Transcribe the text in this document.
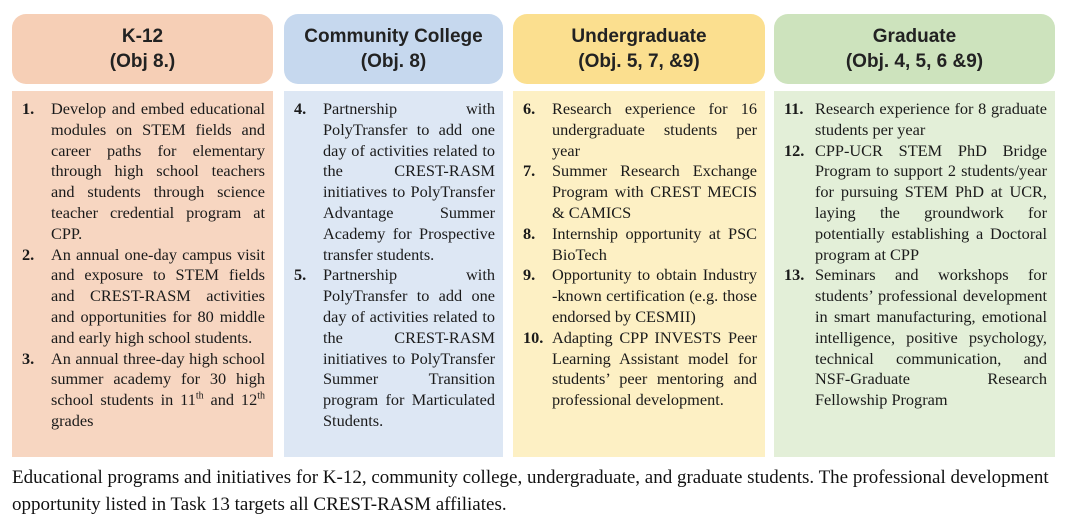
K-12
(Obj 8.)
Community College
(Obj. 8)
Undergraduate
(Obj. 5, 7, &9)
Graduate
(Obj. 4, 5, 6 &9)
1.	Develop and embed educational modules on STEM fields and career paths for elementary through high school teachers and students through science teacher credential program at CPP.
2.	An annual one-day campus visit and exposure to STEM fields and CREST-RASM activities and opportunities for 80 middle and early high school students.
3.	An annual three-day high school summer academy for 30 high school students in 11th and 12th grades
4.	Partnership with PolyTransfer to add one day of activities related to the CREST-RASM initiatives to PolyTransfer Advantage Summer Academy for Prospective transfer students.
5.	Partnership with PolyTransfer to add one day of activities related to the CREST-RASM initiatives to PolyTransfer Summer Transition program for Marticulated Students.
6.	Research experience for 16 undergraduate students per year
7.	Summer Research Exchange Program with CREST MECIS & CAMICS
8.	Internship opportunity at PSC BioTech
9.	Opportunity to obtain Industry -known certification (e.g. those endorsed by CESMII)
10. Adapting CPP INVESTS Peer Learning Assistant model for students’ peer mentoring and professional development.
11. Research experience for 8 graduate students per year
12. CPP-UCR STEM PhD Bridge Program to support 2 students/year for pursuing STEM PhD at UCR, laying the groundwork for potentially establishing a Doctoral program at CPP
13. Seminars and workshops for students’ professional development in smart manufacturing, emotional intelligence, positive psychology, technical communication, and NSF-Graduate Research Fellowship Program
Educational programs and initiatives for K-12, community college, undergraduate, and graduate students. The professional development opportunity listed in Task 13 targets all CREST-RASM affiliates.
